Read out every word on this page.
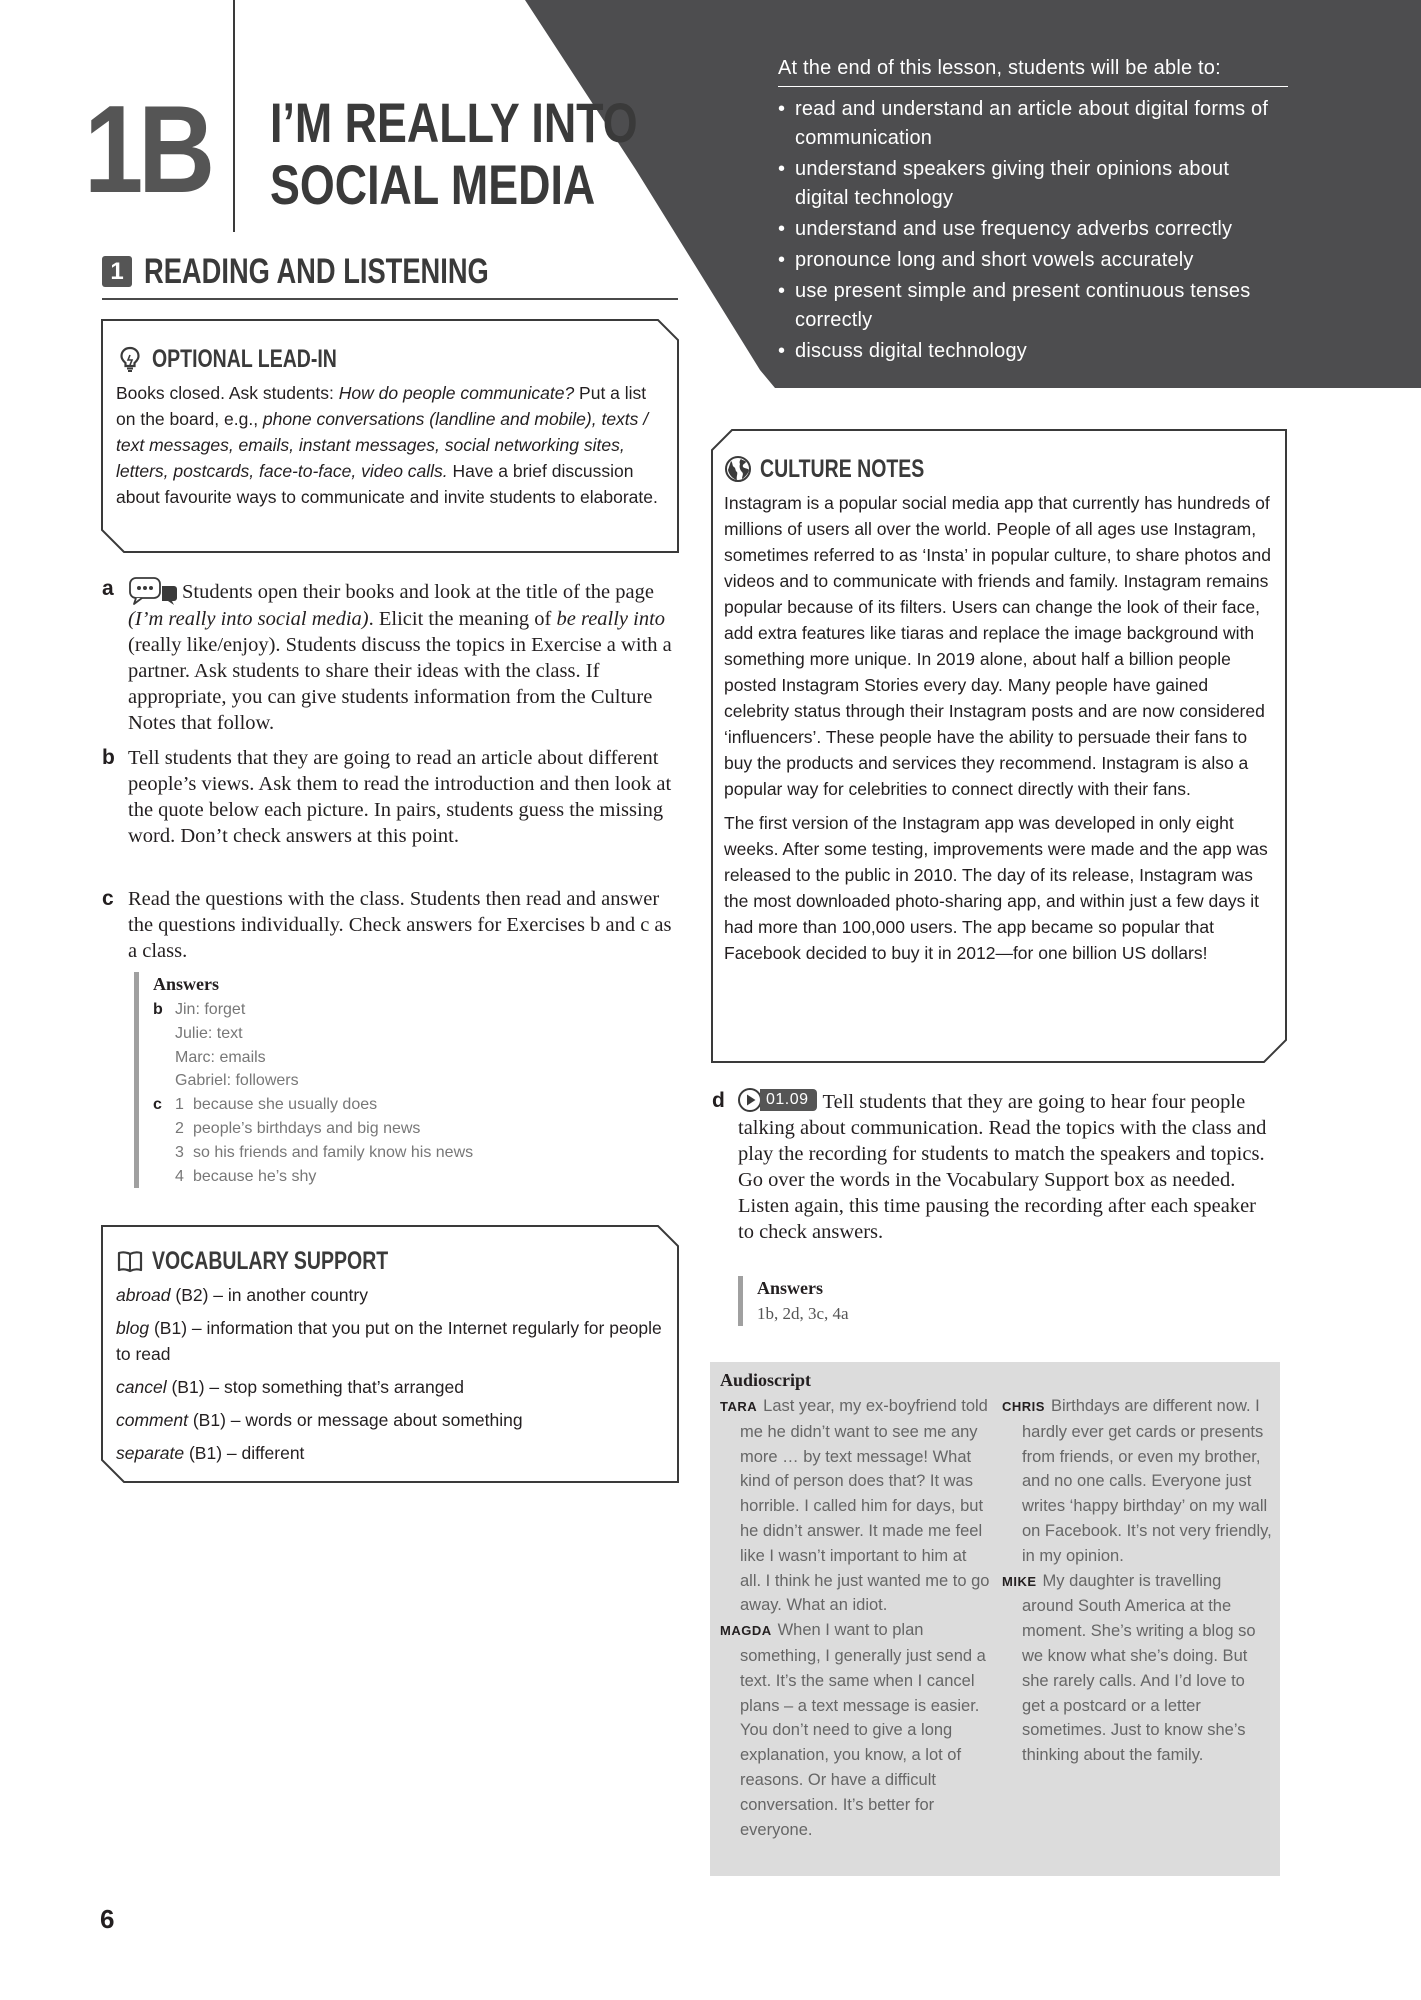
1B I’M REALLY INTO
SOCIAL MEDIA
At the end of this lesson, students will be able to:
• read and understand an article about digital forms of communication
• understand speakers giving their opinions about digital technology
• understand and use frequency adverbs correctly
• pronounce long and short vowels accurately
• use present simple and present continuous tenses correctly
• discuss digital technology
1 READING AND LISTENING
OPTIONAL LEAD-IN

Books closed. Ask students: How do people communicate? Put a list on the board, e.g., phone conversations (landline and mobile), texts / text messages, emails, instant messages, social networking sites, letters, postcards, face-to-face, video calls. Have a brief discussion about favourite ways to communicate and invite students to elaborate.

a	Students open their books and look at the title of the page (I’m really into social media). Elicit the meaning of be really into (really like/enjoy). Students discuss the topics in Exercise a with a partner. Ask students to share their ideas with the class. If appropriate, you can give students information from the Culture Notes that follow.
b Tell students that they are going to read an article about different people’s views. Ask them to read the introduction and then look at the quote below each picture. In pairs, students guess the missing word. Don’t check answers at this point.
c Read the questions with the class. Students then read and answer the questions individually. Check answers for Exercises b and c as a class.
Answers
b Jin: forget
Julie: text
Marc: emails
Gabriel: followers
c 1 because she usually does
2 people’s birthdays and big news
3 so his friends and family know his news
4 because he’s shy
VOCABULARY SUPPORT

abroad (B2) – in another country

blog (B1) – information that you put on the Internet regularly for people to read

cancel (B1) – stop something that’s arranged

comment (B1) – words or message about something

separate (B1) – different

CULTURE NOTES

Instagram is a popular social media app that currently has hundreds of millions of users all over the world. People of all ages use Instagram, sometimes referred to as ‘Insta’ in popular culture, to share photos and videos and to communicate with friends and family. Instagram remains popular because of its filters. Users can change the look of their face, add extra features like tiaras and replace the image background with something more unique. In 2019 alone, about half a billion people posted Instagram Stories every day. Many people have gained celebrity status through their Instagram posts and are now considered ‘influencers’. These people have the ability to persuade their fans to buy the products and services they recommend. Instagram is also a popular way for celebrities to connect directly with their fans.

The first version of the Instagram app was developed in only eight weeks. After some testing, improvements were made and the app was released to the public in 2010. The day of its release, Instagram was the most downloaded photo-sharing app, and within just a few days it had more than 100,000 users. The app became so popular that Facebook decided to buy it in 2012—for one billion US dollars!

d	01.09 Tell students that they are going to hear four people talking about communication. Read the topics with the class and play the recording for students to match the speakers and topics. Go over the words in the Vocabulary Support box as needed. Listen again, this time pausing the recording after each speaker to check answers.
Answers
1b, 2d, 3c, 4a
Audioscript
TARA Last year, my ex-boyfriend told me he didn’t want to see me any more … by text message! What kind of person does that? It was horrible. I called him for days, but he didn’t answer. It made me feel like I wasn’t important to him at all. I think he just wanted me to go away. What an idiot.
MAGDA When I want to plan something, I generally just send a text. It’s the same when I cancel plans – a text message is easier. You don’t need to give a long explanation, you know, a lot of reasons. Or have a difficult conversation. It’s better for everyone.
CHRIS Birthdays are different now. I hardly ever get cards or presents from friends, or even my brother, and no one calls. Everyone just writes ‘happy birthday’ on my wall on Facebook. It’s not very friendly, in my opinion.
MIKE My daughter is travelling around South America at the moment. She’s writing a blog so we know what she’s doing. But she rarely calls. And I’d love to get a postcard or a letter sometimes. Just to know she’s thinking about the family.
6
